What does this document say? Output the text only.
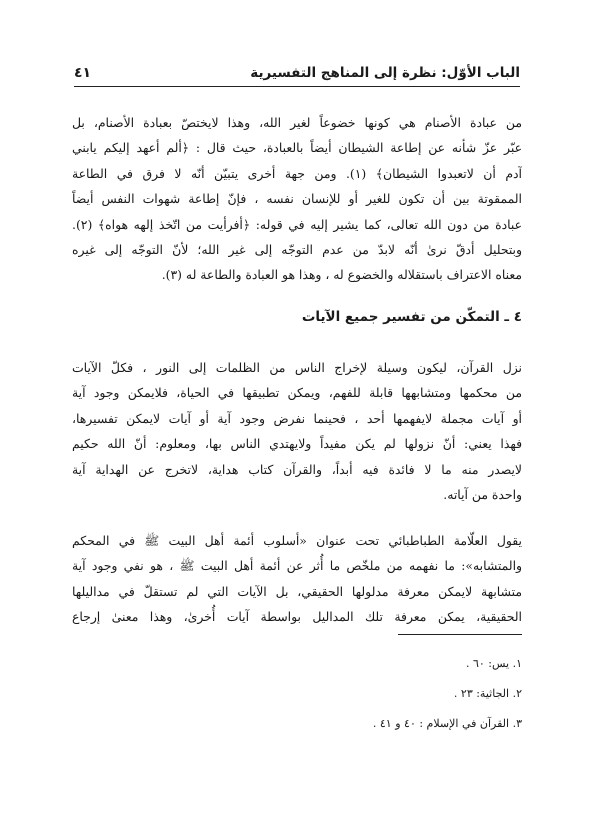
الباب الأوّل: نظرة إلى المناهج التفسيرية
٤١
من عبادة الأصنام هي كونها خضوعاً لغير الله، وهذا لايختصّ بعبادة الأصنام، بل
عبّر عزّ شأنه عن إطاعة الشيطان أيضاً بالعبادة، حيث قال : ﴿ألم أعهد إليكم يابني
آدم أن لاتعبدوا الشيطان﴾ (١). ومن جهة أخرى يتبيّن أنّه لا فرق في الطاعة
الممقوتة بين أن تكون للغير أو للإنسان نفسه ، فإنّ إطاعة شهوات النفس أيضاً
عبادة من دون الله تعالى، كما يشير إليه في قوله: ﴿أفرأيت من اتّخذ إلهه هواه﴾ (٢).
وبتحليل أدقّ نرىٰ أنّه لابدّ من عدم التوجّه إلى غير الله؛ لأنّ التوجّه إلى غيره
معناه الاعتراف باستقلاله والخضوع له ، وهذا هو العبادة والطاعة له (٣).
٤ ـ التمكّن من تفسير جميع الآيات
نزل القرآن، ليكون وسيلة لإخراج الناس من الظلمات إلى النور ، فكلّ الآيات
من محكمها ومتشابهها قابلة للفهم، ويمكن تطبيقها في الحياة، فلايمكن وجود آية
أو آيات مجملة لايفهمها أحد ، فحينما نفرض وجود آية أو آيات لايمكن تفسيرها،
فهذا يعني: أنّ نزولها لم يكن مفيداً ولايهتدي الناس بها، ومعلوم: أنّ الله حكيم
لايصدر منه ما لا فائدة فيه أبداً، والقرآن كتاب هداية، لاتخرج عن الهداية آية
واحدة من آياته.
يقول العلّامة الطباطبائي تحت عنوان «أسلوب أئمة أهل البيت ﷺ في المحكم
والمتشابه»: ما نفهمه من ملخّص ما أُثر عن أئمة أهل البيت ﷺ ، هو نفي وجود آية
متشابهة لايمكن معرفة مدلولها الحقيقي، بل الآيات التي لم تستقلّ في مداليلها
الحقيقية، يمكن معرفة تلك المداليل بواسطة آيات أُخرىٰ، وهذا معنىٰ إرجاع
١. يس: ٦٠ .
٢. الجاثية: ٢٣ .
٣. القرآن في الإسلام : ٤٠ و ٤١ .
